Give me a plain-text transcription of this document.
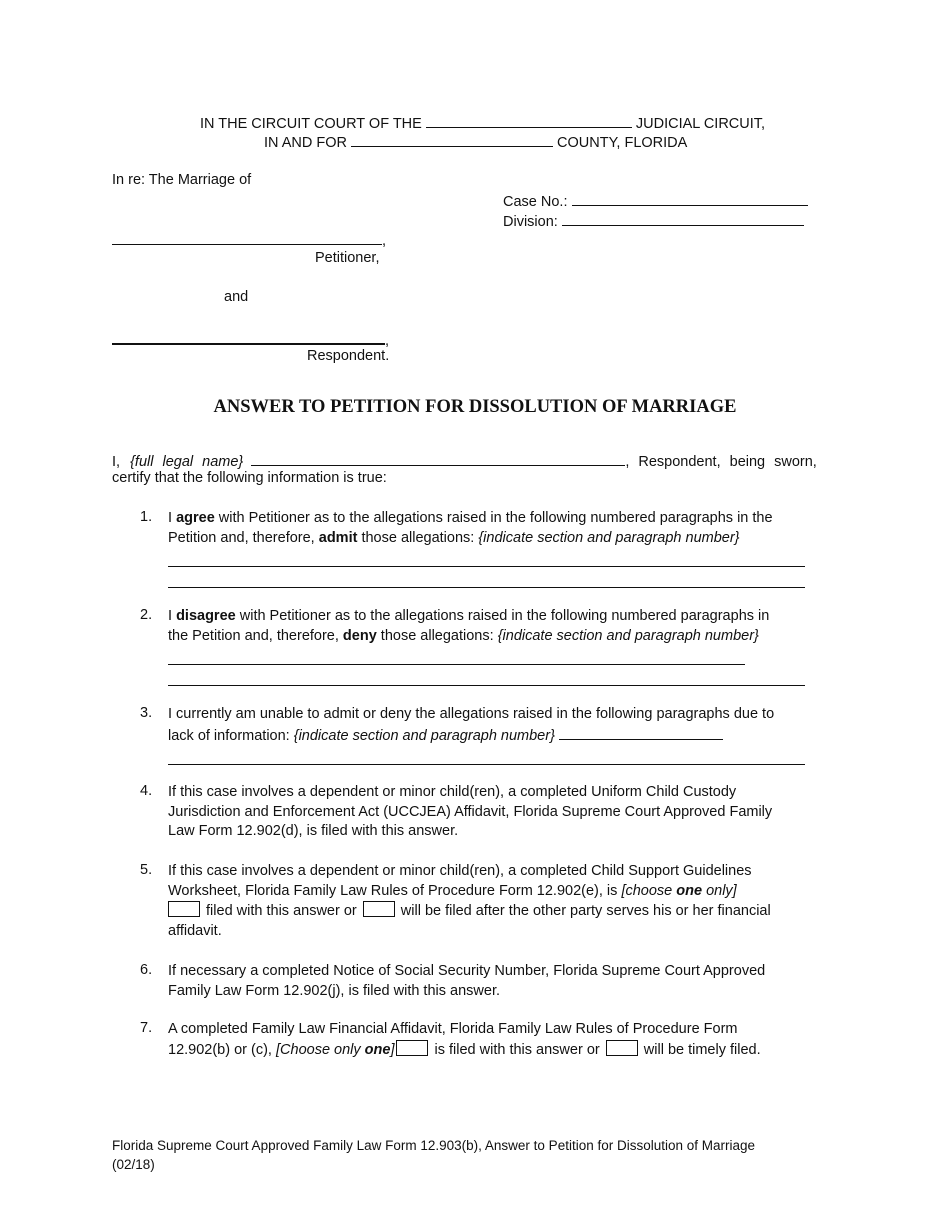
IN THE CIRCUIT COURT OF THE	JUDICIAL CIRCUIT,
IN AND FOR	COUNTY, FLORIDA
In re: The Marriage of
Case No.:
Division:
,
Petitioner,
and
,
Respondent.
ANSWER TO PETITION FOR DISSOLUTION OF MARRIAGE
I, {full legal name}	, Respondent, being sworn,
certify that the following information is true:
1. I agree with Petitioner as to the allegations raised in the following numbered paragraphs in the
Petition and, therefore, admit those allegations: {indicate section and paragraph number}
2. I disagree with Petitioner as to the allegations raised in the following numbered paragraphs in
the Petition and, therefore, deny those allegations: {indicate section and paragraph number}
3. I currently am unable to admit or deny the allegations raised in the following paragraphs due to
lack of information: {indicate section and paragraph number}
4. If this case involves a dependent or minor child(ren), a completed Uniform Child Custody
Jurisdiction and Enforcement Act (UCCJEA) Affidavit, Florida Supreme Court Approved Family
Law Form 12.902(d), is filed with this answer.
5. If this case involves a dependent or minor child(ren), a completed Child Support Guidelines
Worksheet, Florida Family Law Rules of Procedure Form 12.902(e), is [choose one only]
filed with this answer or  will be filed after the other party serves his or her financial
affidavit.
6. If necessary a completed Notice of Social Security Number, Florida Supreme Court Approved
Family Law Form 12.902(j), is filed with this answer.
7. A completed Family Law Financial Affidavit, Florida Family Law Rules of Procedure Form
12.902(b) or (c), [Choose only one] is filed with this answer or  will be timely filed.
Florida Supreme Court Approved Family Law Form 12.903(b), Answer to Petition for Dissolution of Marriage
(02/18)
